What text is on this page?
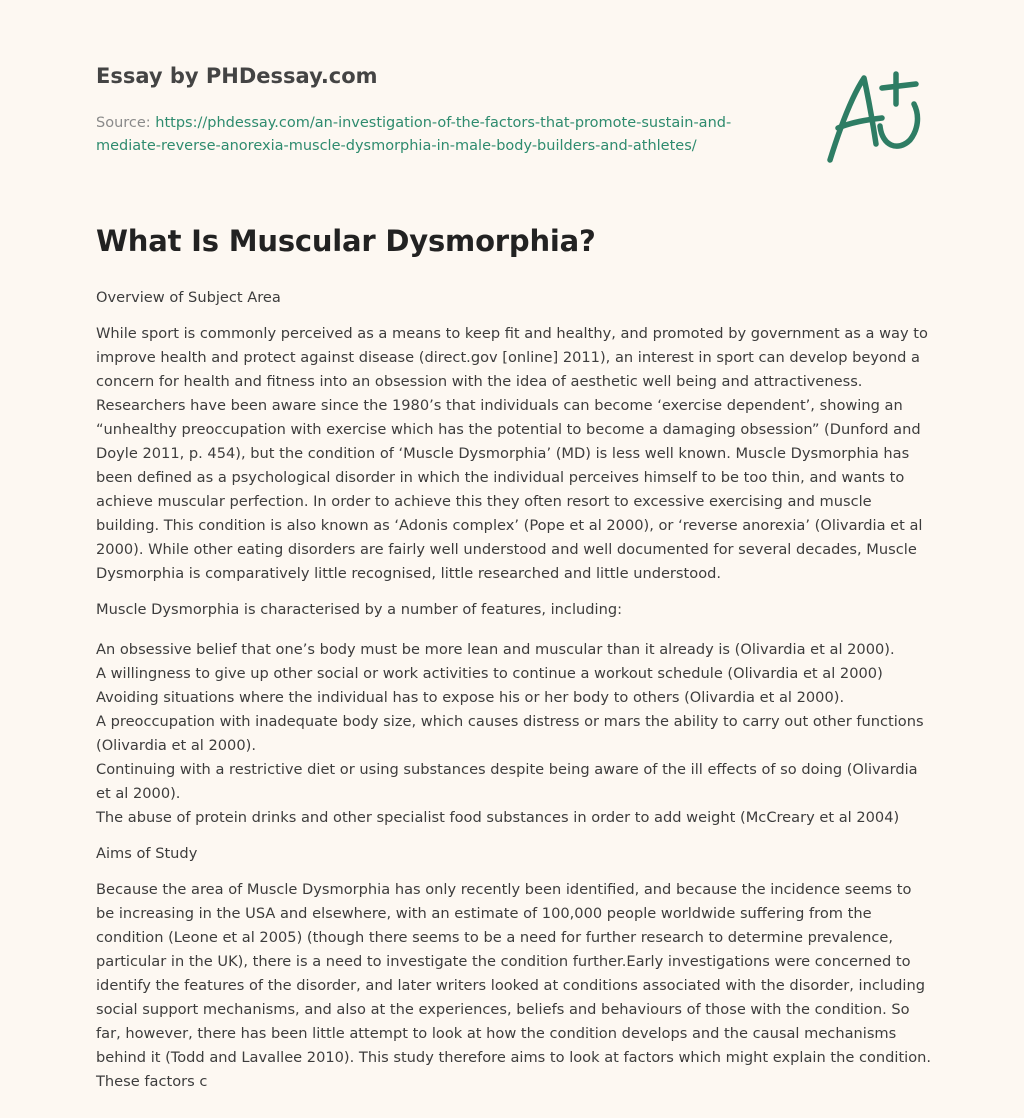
Essay by PHDessay.com
Source: https://phdessay.com/an-investigation-of-the-factors-that-promote-sustain-and-
mediate-reverse-anorexia-muscle-dysmorphia-in-male-body-builders-and-athletes/
What Is Muscular Dysmorphia?

Overview of Subject Area

While sport is commonly perceived as a means to keep fit and healthy, and promoted by government as a way to improve health and protect against disease (direct.gov [online] 2011), an interest in sport can develop beyond a concern for health and fitness into an obsession with the idea of aesthetic well being and attractiveness. Researchers have been aware since the 1980’s that individuals can become ‘exercise dependent’, showing an “unhealthy preoccupation with exercise which has the potential to become a damaging obsession” (Dunford and Doyle 2011, p. 454), but the condition of ‘Muscle Dysmorphia’ (MD) is less well known. Muscle Dysmorphia has been defined as a psychological disorder in which the individual perceives himself to be too thin, and wants to achieve muscular perfection. In order to achieve this they often resort to excessive exercising and muscle building. This condition is also known as ‘Adonis complex’ (Pope et al 2000), or ‘reverse anorexia’ (Olivardia et al 2000). While other eating disorders are fairly well understood and well documented for several decades, Muscle Dysmorphia is comparatively little recognised, little researched and little understood.

Muscle Dysmorphia is characterised by a number of features, including:

An obsessive belief that one’s body must be more lean and muscular than it already is (Olivardia et al 2000).
A willingness to give up other social or work activities to continue a workout schedule (Olivardia et al 2000)
Avoiding situations where the individual has to expose his or her body to others (Olivardia et al 2000).
A preoccupation with inadequate body size, which causes distress or mars the ability to carry out other functions (Olivardia et al 2000).
Continuing with a restrictive diet or using substances despite being aware of the ill effects of so doing (Olivardia et al 2000).
The abuse of protein drinks and other specialist food substances in order to add weight (McCreary et al 2004)

Aims of Study

Because the area of Muscle Dysmorphia has only recently been identified, and because the incidence seems to be increasing in the USA and elsewhere, with an estimate of 100,000 people worldwide suffering from the condition (Leone et al 2005) (though there seems to be a need for further research to determine prevalence, particular in the UK), there is a need to investigate the condition further.Early investigations were concerned to identify the features of the disorder, and later writers looked at conditions associated with the disorder, including social support mechanisms, and also at the experiences, beliefs and behaviours of those with the condition. So far, however, there has been little attempt to look at how the condition develops and the causal mechanisms behind it (Todd and Lavallee 2010). This study therefore aims to look at factors which might explain the condition. These factors c
